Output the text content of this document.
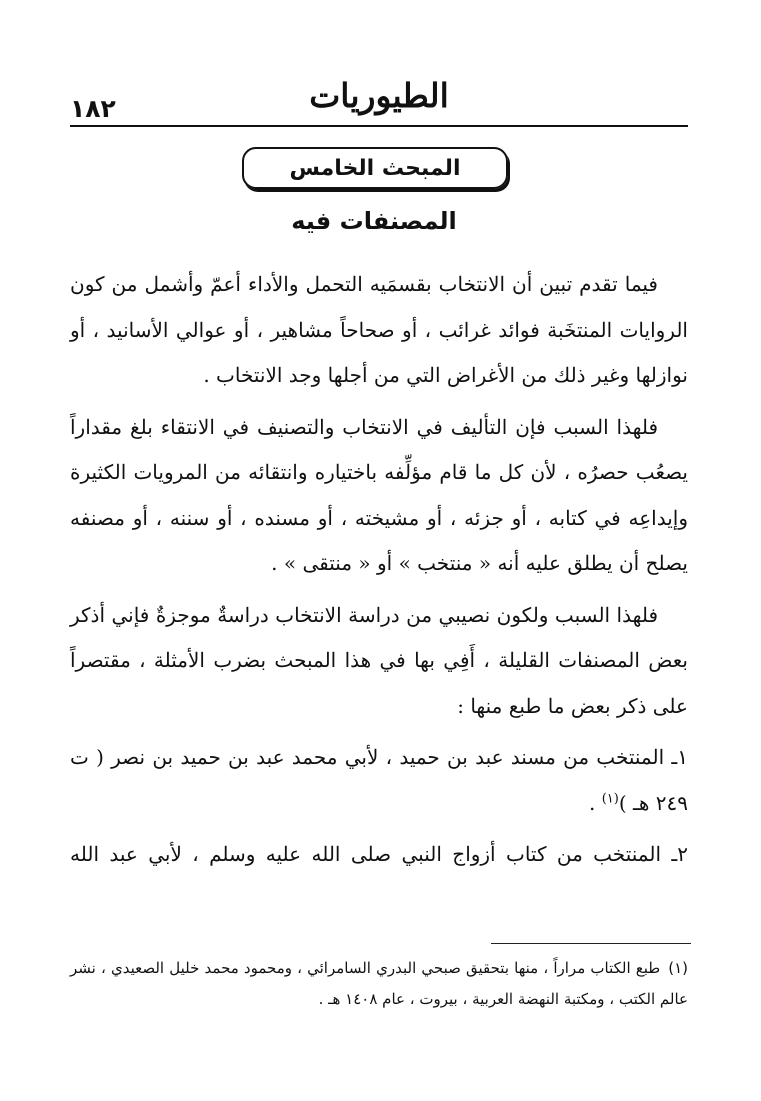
١٨٢	الطيوريات
المبحث الخامس
المصنفات فيه

فيما تقدم تبين أن الانتخاب بقسمَيه التحمل والأداء أعمّ وأشمل من كون الروايات المنتخَبة فوائد غرائب ، أو صحاحاً مشاهير ، أو عوالي الأسانيد ، أو نوازلها وغير ذلك من الأغراض التي من أجلها وجد الانتخاب .

فلهذا السبب فإن التأليف في الانتخاب والتصنيف في الانتقاء بلغ مقداراً يصعُب حصرُه ، لأن كل ما قام مؤلِّفه باختياره وانتقائه من المرويات الكثيرة وإيداعِه في كتابه ، أو جزئه ، أو مشيخته ، أو مسنده ، أو سننه ، أو مصنفه يصلح أن يطلق عليه أنه « منتخب » أو « منتقى » .

فلهذا السبب ولكون نصيبي من دراسة الانتخاب دراسةٌ موجزةٌ فإني أذكر بعض المصنفات القليلة ، أَفِي بها في هذا المبحث بضرب الأمثلة ، مقتصراً على ذكر بعض ما طبع منها :

١ـ المنتخب من مسند عبد بن حميد ، لأبي محمد عبد بن حميد بن نصر ( ت ٢٤٩ هـ )$^{(١)}$ .

٢ـ المنتخب من كتاب أزواج النبي صلى الله عليه وسلم ، لأبي عبد الله

(١)طبع الكتاب مراراً ، منها بتحقيق صبحي البدري السامرائي ، ومحمود محمد خليل الصعيدي ، نشر عالم الكتب ، ومكتبة النهضة العربية ، بيروت ، عام ١٤٠٨ هـ .
